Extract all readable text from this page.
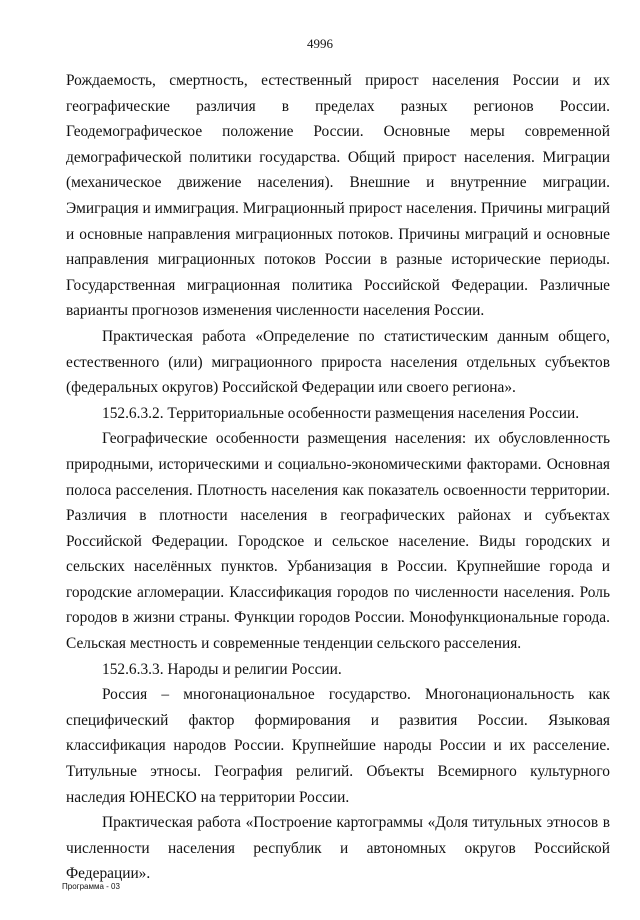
4996

Рождаемость, смертность, естественный прирост населения России и их географические различия в пределах разных регионов России. Геодемографическое положение России. Основные меры современной демографической политики государства. Общий прирост населения. Миграции (механическое движение населения). Внешние и внутренние миграции. Эмиграция и иммиграция. Миграционный прирост населения. Причины миграций и основные направления миграционных потоков. Причины миграций и основные направления миграционных потоков России в разные исторические периоды. Государственная миграционная политика Российской Федерации. Различные варианты прогнозов изменения численности населения России.

Практическая работа «Определение по статистическим данным общего, естественного (или) миграционного прироста населения отдельных субъектов (федеральных округов) Российской Федерации или своего региона».

152.6.3.2. Территориальные особенности размещения населения России.

Географические особенности размещения населения: их обусловленность природными, историческими и социально-экономическими факторами. Основная полоса расселения. Плотность населения как показатель освоенности территории. Различия в плотности населения в географических районах и субъектах Российской Федерации. Городское и сельское население. Виды городских и сельских населённых пунктов. Урбанизация в России. Крупнейшие города и городские агломерации. Классификация городов по численности населения. Роль городов в жизни страны. Функции городов России. Монофункциональные города. Сельская местность и современные тенденции сельского расселения.

152.6.3.3. Народы и религии России.

Россия – многонациональное государство. Многонациональность как специфический фактор формирования и развития России. Языковая классификация народов России. Крупнейшие народы России и их расселение. Титульные этносы. География религий. Объекты Всемирного культурного наследия ЮНЕСКО на территории России.

Практическая работа «Построение картограммы «Доля титульных этносов в численности населения республик и автономных округов Российской Федерации».

Программа - 03
